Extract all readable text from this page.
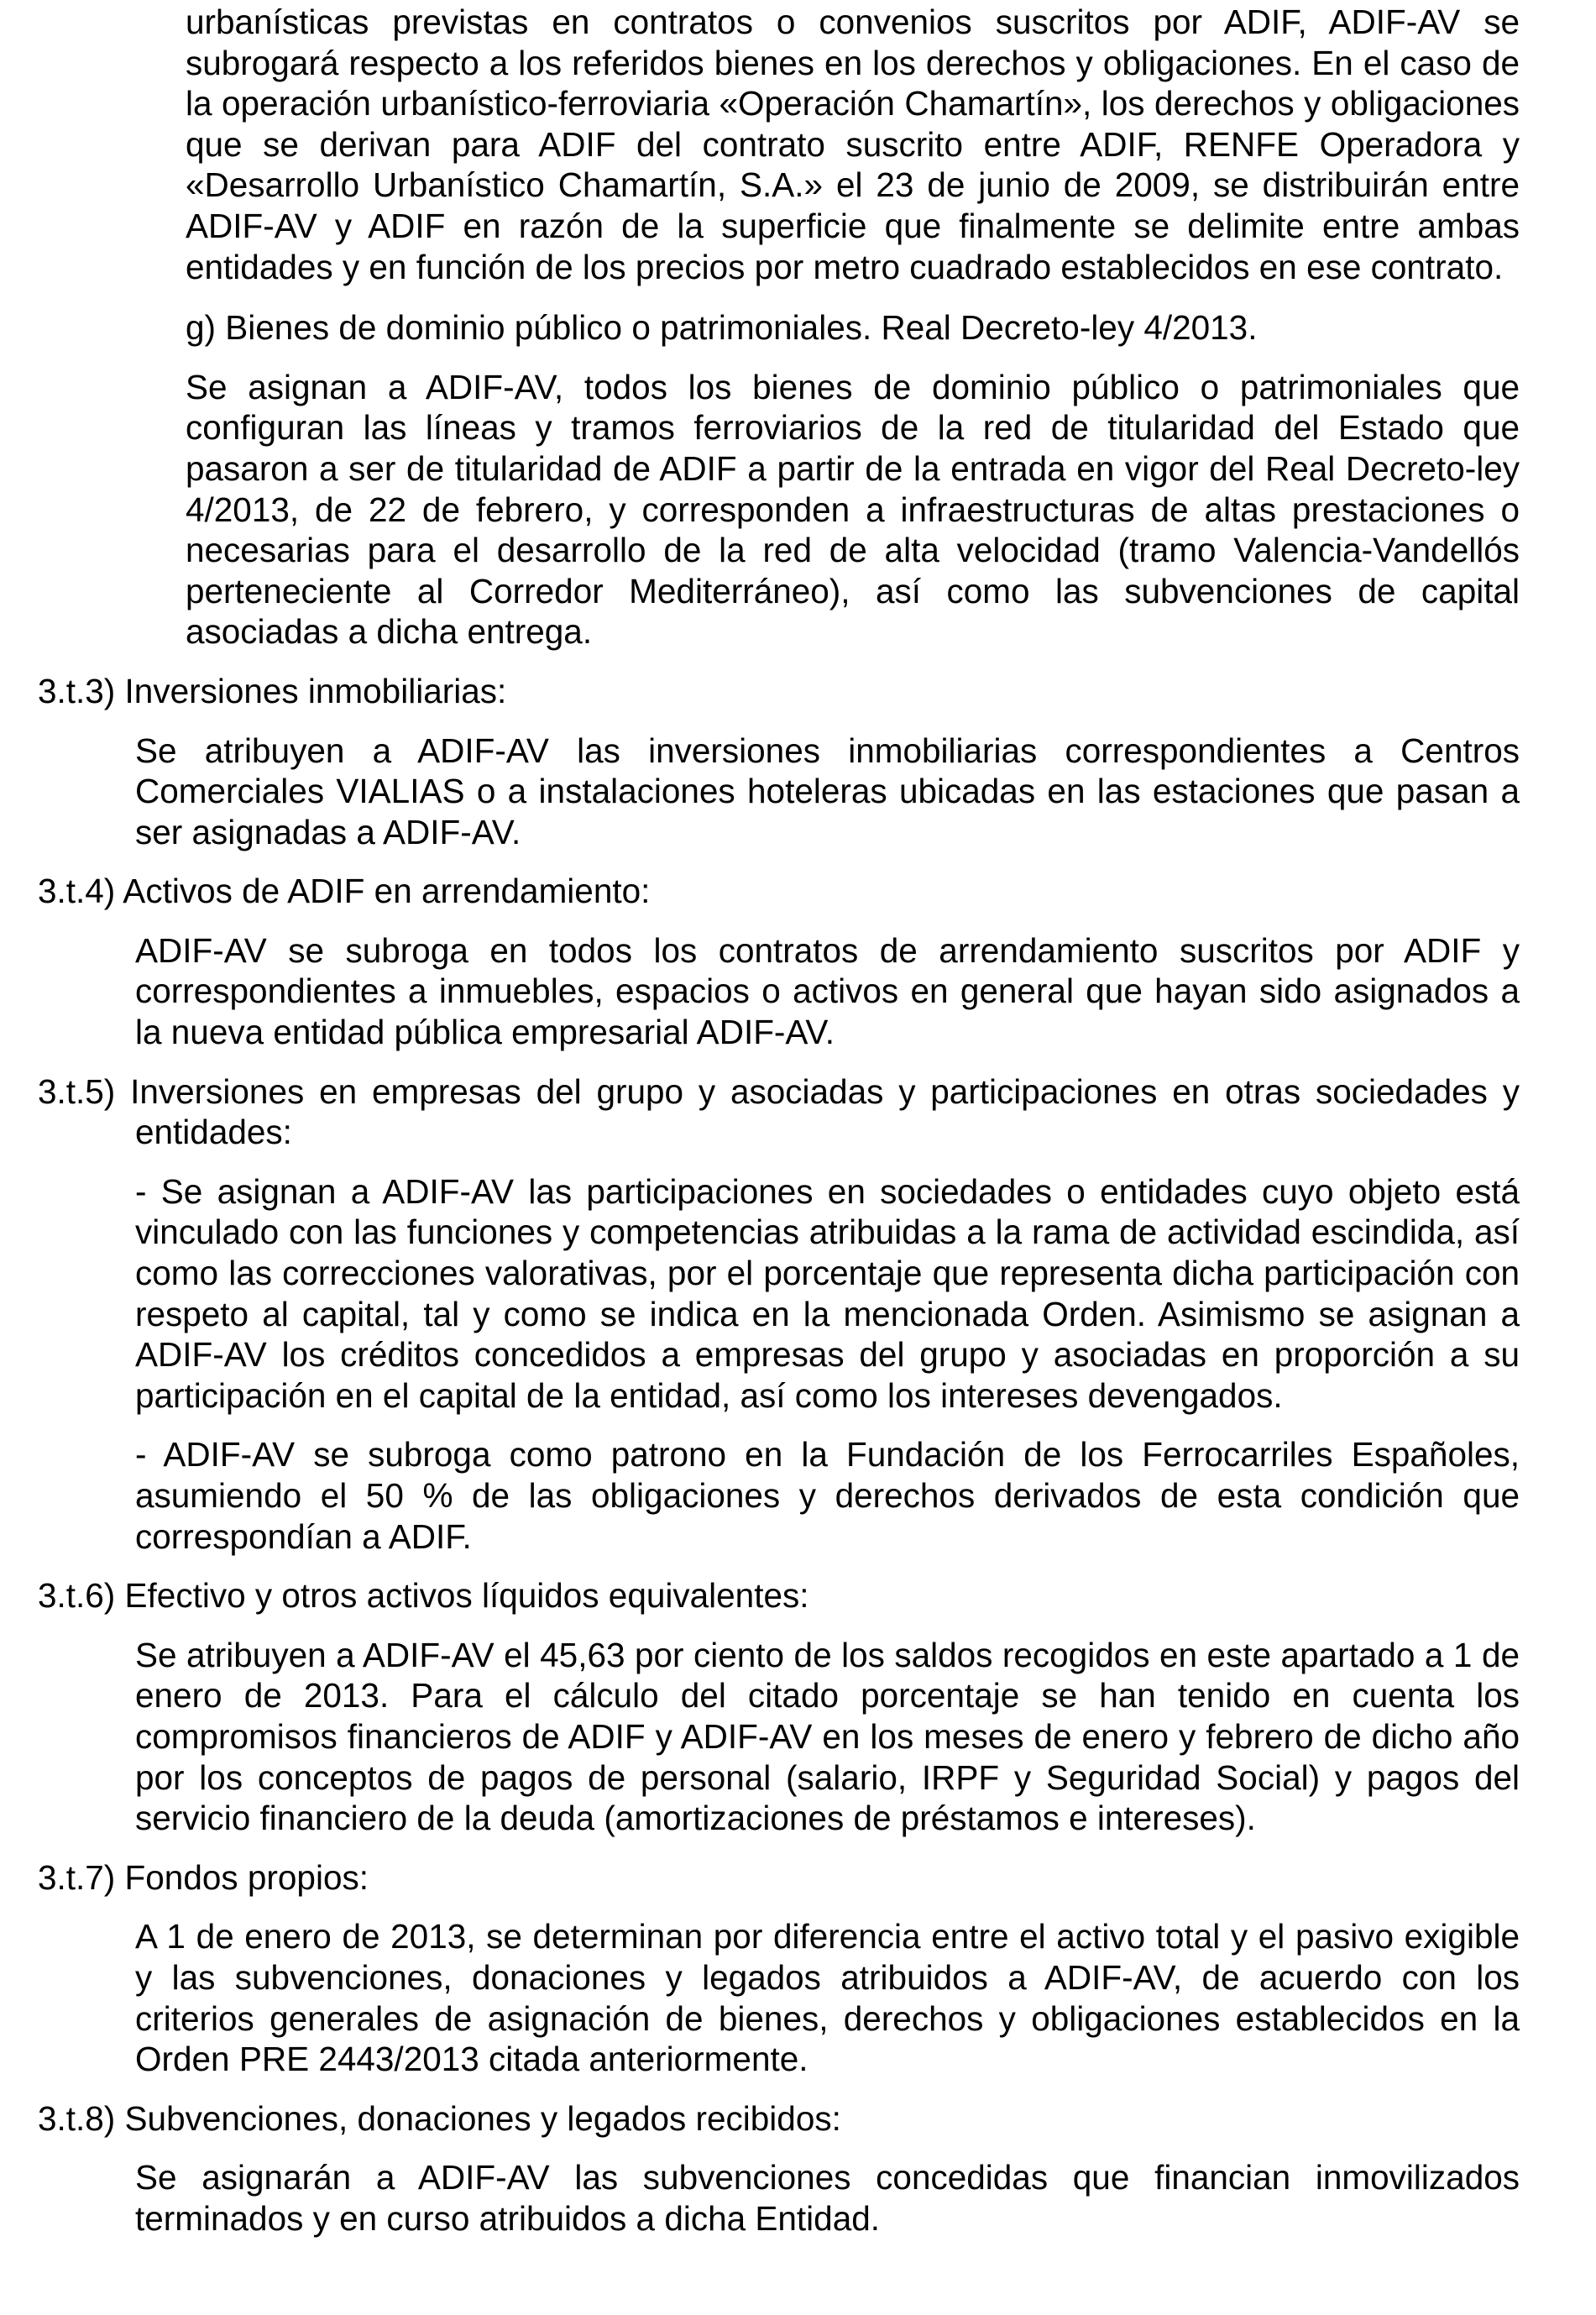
urbanísticas previstas en contratos o convenios suscritos por ADIF, ADIF-AV se subrogará respecto a los referidos bienes en los derechos y obligaciones. En el caso de la operación urbanístico-ferroviaria «Operación Chamartín», los derechos y obligaciones que se derivan para ADIF del contrato suscrito entre ADIF, RENFE Operadora y «Desarrollo Urbanístico Chamartín, S.A.» el 23 de junio de 2009, se distribuirán entre ADIF-AV y ADIF en razón de la superficie que finalmente se delimite entre ambas entidades y en función de los precios por metro cuadrado establecidos en ese contrato.

g) Bienes de dominio público o patrimoniales. Real Decreto-ley 4/2013.

Se asignan a ADIF-AV, todos los bienes de dominio público o patrimoniales que configuran las líneas y tramos ferroviarios de la red de titularidad del Estado que pasaron a ser de titularidad de ADIF a partir de la entrada en vigor del Real Decreto-ley 4/2013, de 22 de febrero, y corresponden a infraestructuras de altas prestaciones o necesarias para el desarrollo de la red de alta velocidad (tramo Valencia-Vandellós perteneciente al Corredor Mediterráneo), así como las subvenciones de capital asociadas a dicha entrega.

3.t.3) Inversiones inmobiliarias:

Se atribuyen a ADIF-AV las inversiones inmobiliarias correspondientes a Centros Comerciales VIALIAS o a instalaciones hoteleras ubicadas en las estaciones que pasan a ser asignadas a ADIF-AV.

3.t.4) Activos de ADIF en arrendamiento:

ADIF-AV se subroga en todos los contratos de arrendamiento suscritos por ADIF y correspondientes a inmuebles, espacios o activos en general que hayan sido asignados a la nueva entidad pública empresarial ADIF-AV.

3.t.5) Inversiones en empresas del grupo y asociadas y participaciones en otras sociedades y entidades:

- Se asignan a ADIF-AV las participaciones en sociedades o entidades cuyo objeto está vinculado con las funciones y competencias atribuidas a la rama de actividad escindida, así como las correcciones valorativas, por el porcentaje que representa dicha participación con respeto al capital, tal y como se indica en la mencionada Orden. Asimismo se asignan a ADIF-AV los créditos concedidos a empresas del grupo y asociadas en proporción a su participación en el capital de la entidad, así como los intereses devengados.

- ADIF-AV se subroga como patrono en la Fundación de los Ferrocarriles Españoles, asumiendo el 50 % de las obligaciones y derechos derivados de esta condición que correspondían a ADIF.

3.t.6) Efectivo y otros activos líquidos equivalentes:

Se atribuyen a ADIF-AV el 45,63 por ciento de los saldos recogidos en este apartado a 1 de enero de 2013. Para el cálculo del citado porcentaje se han tenido en cuenta los compromisos financieros de ADIF y ADIF-AV en los meses de enero y febrero de dicho año por los conceptos de pagos de personal (salario, IRPF y Seguridad Social) y pagos del servicio financiero de la deuda (amortizaciones de préstamos e intereses).

3.t.7) Fondos propios:

A 1 de enero de 2013, se determinan por diferencia entre el activo total y el pasivo exigible y las subvenciones, donaciones y legados atribuidos a ADIF-AV, de acuerdo con los criterios generales de asignación de bienes, derechos y obligaciones establecidos en la Orden PRE 2443/2013 citada anteriormente.

3.t.8) Subvenciones, donaciones y legados recibidos:

Se asignarán a ADIF-AV las subvenciones concedidas que financian inmovilizados terminados y en curso atribuidos a dicha Entidad.
